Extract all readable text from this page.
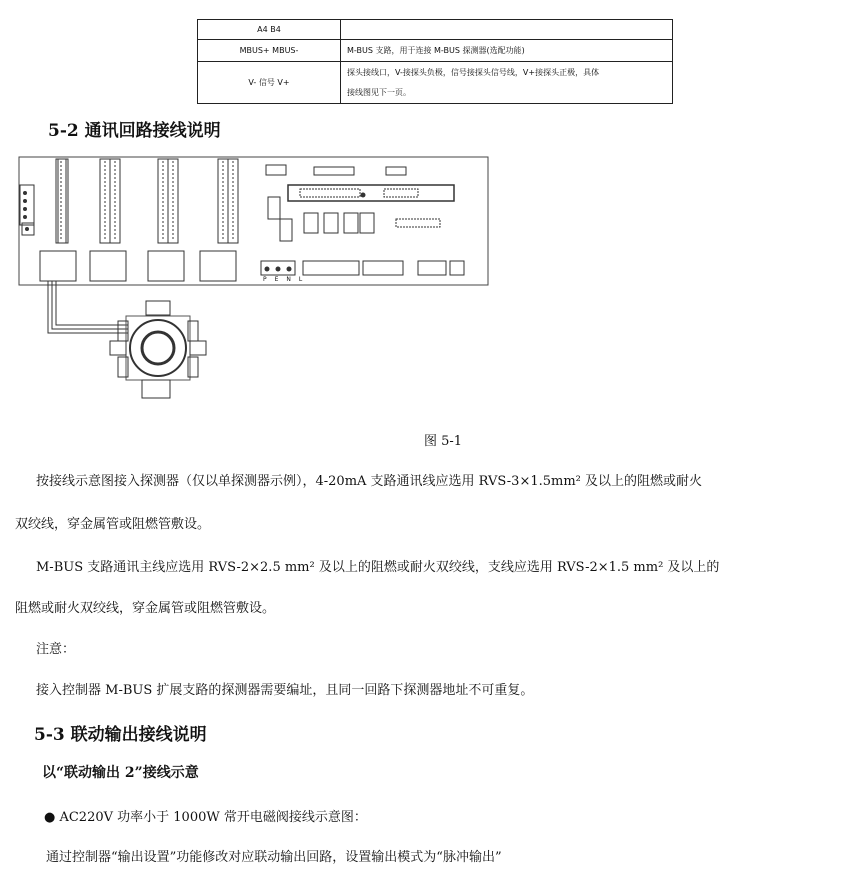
A4 B4	
MBUS+ MBUS-	M-BUS 支路，用于连接 M-BUS 探测器(选配功能)
V- 信号 V+	探头接线口，V-接探头负极，信号接探头信号线，V+接探头正极，具体
接线图见下一页。
5-2 通讯回路接线说明
PENL
图 5-1
按接线示意图接入探测器（仅以单探测器示例），4-20mA 支路通讯线应选用 RVS-3×1.5mm² 及以上的阻燃或耐火
双绞线，穿金属管或阻燃管敷设。
M-BUS 支路通讯主线应选用 RVS-2×2.5 mm² 及以上的阻燃或耐火双绞线，支线应选用 RVS-2×1.5 mm² 及以上的
阻燃或耐火双绞线，穿金属管或阻燃管敷设。
注意：
接入控制器 M-BUS 扩展支路的探测器需要编址，且同一回路下探测器地址不可重复。
5-3 联动输出接线说明
以“联动输出 2”接线示意
● AC220V 功率小于 1000W 常开电磁阀接线示意图：
通过控制器“输出设置”功能修改对应联动输出回路，设置输出模式为“脉冲输出”
